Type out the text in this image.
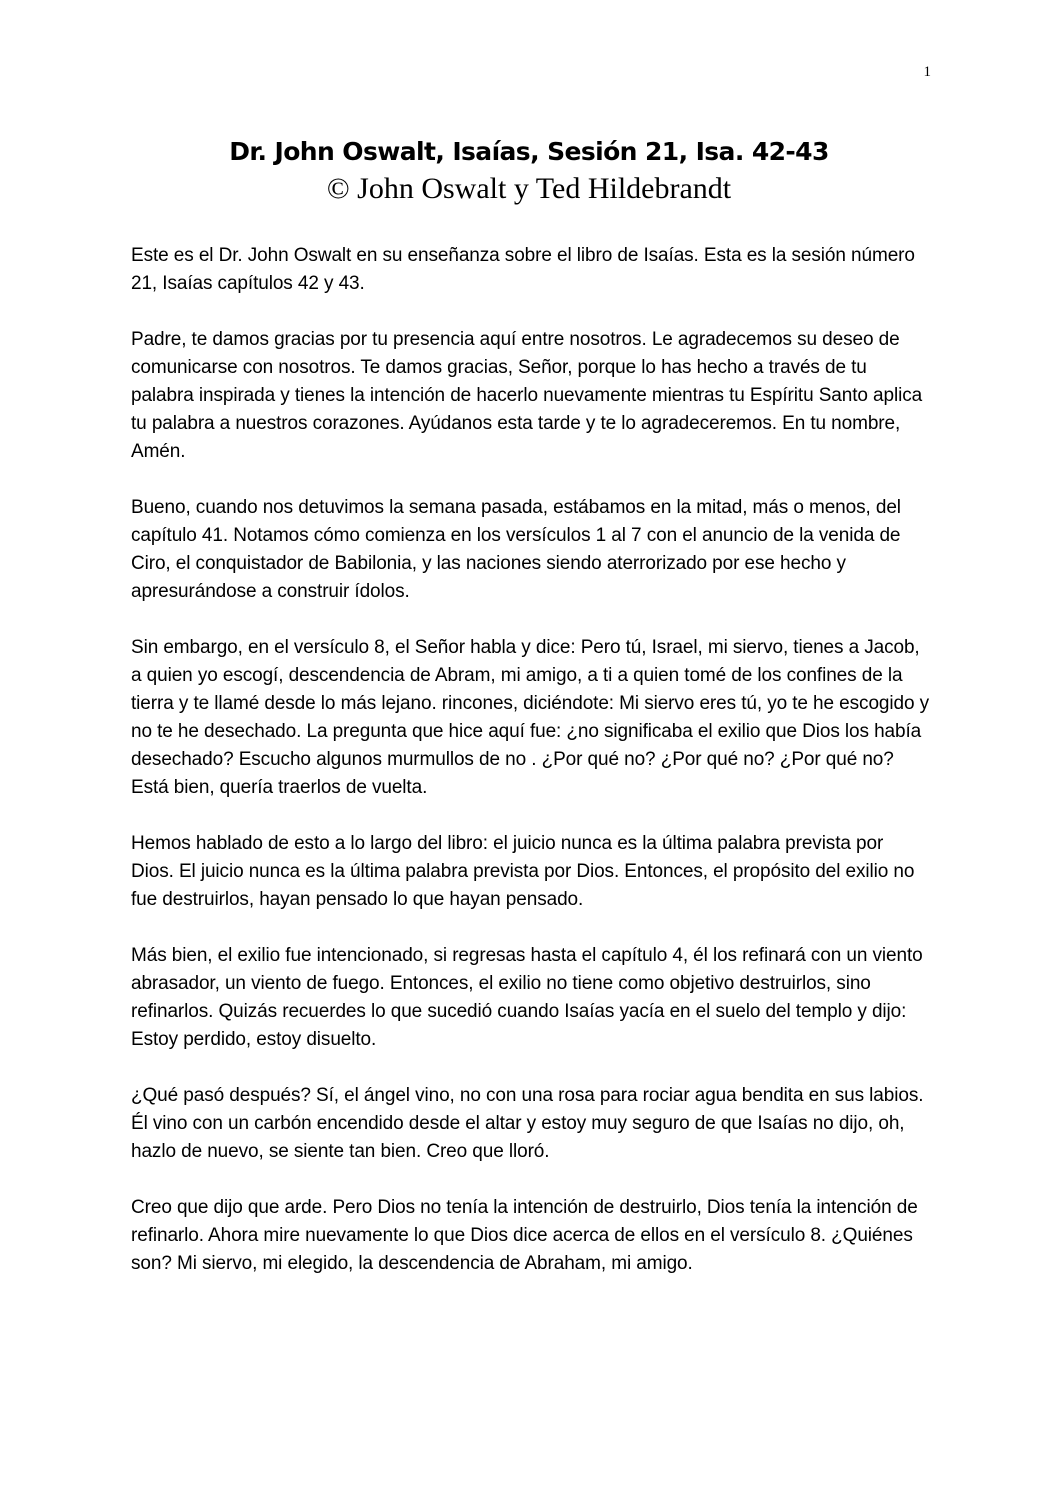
1

Dr. John Oswalt, Isaías, Sesión 21, Isa. 42-43

© John Oswalt y Ted Hildebrandt

Este es el Dr. John Oswalt en su enseñanza sobre el libro de Isaías. Esta es la sesión número 21, Isaías capítulos 42 y 43.

Padre, te damos gracias por tu presencia aquí entre nosotros. Le agradecemos su deseo de comunicarse con nosotros. Te damos gracias, Señor, porque lo has hecho a través de tu palabra inspirada y tienes la intención de hacerlo nuevamente mientras tu Espíritu Santo aplica tu palabra a nuestros corazones. Ayúdanos esta tarde y te lo agradeceremos. En tu nombre, Amén.

Bueno, cuando nos detuvimos la semana pasada, estábamos en la mitad, más o menos, del capítulo 41. Notamos cómo comienza en los versículos 1 al 7 con el anuncio de la venida de Ciro, el conquistador de Babilonia, y las naciones siendo aterrorizado por ese hecho y apresurándose a construir ídolos.

Sin embargo, en el versículo 8, el Señor habla y dice: Pero tú, Israel, mi siervo, tienes a Jacob, a quien yo escogí, descendencia de Abram, mi amigo, a ti a quien tomé de los confines de la tierra y te llamé desde lo más lejano. rincones, diciéndote: Mi siervo eres tú, yo te he escogido y no te he desechado. La pregunta que hice aquí fue: ¿no significaba el exilio que Dios los había desechado? Escucho algunos murmullos de no . ¿Por qué no? ¿Por qué no? ¿Por qué no? Está bien, quería traerlos de vuelta.

Hemos hablado de esto a lo largo del libro: el juicio nunca es la última palabra prevista por Dios. El juicio nunca es la última palabra prevista por Dios. Entonces, el propósito del exilio no fue destruirlos, hayan pensado lo que hayan pensado.

Más bien, el exilio fue intencionado, si regresas hasta el capítulo 4, él los refinará con un viento abrasador, un viento de fuego. Entonces, el exilio no tiene como objetivo destruirlos, sino refinarlos. Quizás recuerdes lo que sucedió cuando Isaías yacía en el suelo del templo y dijo: Estoy perdido, estoy disuelto.

¿Qué pasó después? Sí, el ángel vino, no con una rosa para rociar agua bendita en sus labios. Él vino con un carbón encendido desde el altar y estoy muy seguro de que Isaías no dijo, oh, hazlo de nuevo, se siente tan bien. Creo que lloró.

Creo que dijo que arde. Pero Dios no tenía la intención de destruirlo, Dios tenía la intención de refinarlo. Ahora mire nuevamente lo que Dios dice acerca de ellos en el versículo 8. ¿Quiénes son? Mi siervo, mi elegido, la descendencia de Abraham, mi amigo.
